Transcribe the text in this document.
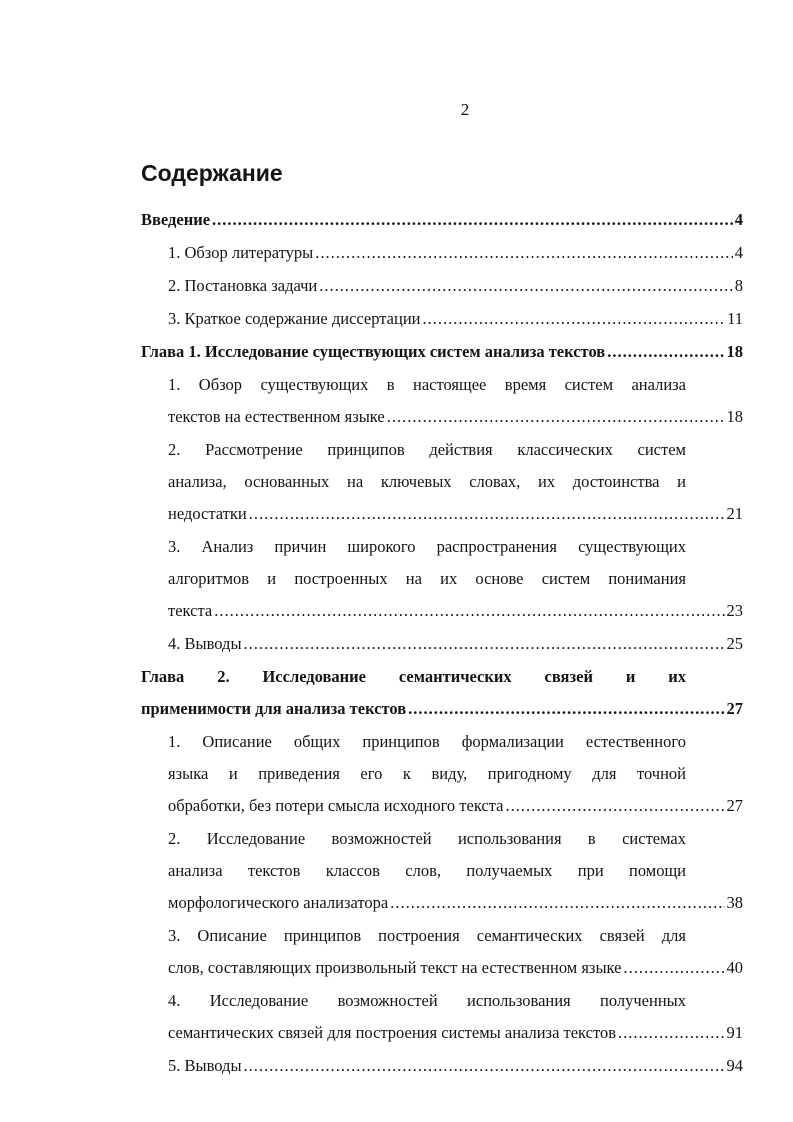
2
Содержание
Введение .....	4
1. Обзор литературы .....	4
2. Постановка задачи .....	8
3. Краткое содержание диссертации .....	11
Глава 1. Исследование существующих систем анализа текстов .....	18
1. Обзор существующих в настоящее время систем анализа
текстов на естественном языке .....	18
2. Рассмотрение принципов действия классических систем
анализа, основанных на ключевых словах, их достоинства и
недостатки .....	21
3. Анализ причин широкого распространения существующих
алгоритмов и построенных на их основе систем понимания
текста .....	23
4. Выводы .....	25
Глава 2. Исследование семантических связей и их
применимости для анализа текстов .....	27
1. Описание общих принципов формализации естественного
языка и приведения его к виду, пригодному для точной
обработки, без потери смысла исходного текста .....	27
2. Исследование возможностей использования в системах
анализа текстов классов слов, получаемых при помощи
морфологического анализатора .....	38
3. Описание принципов построения семантических связей для
слов, составляющих произвольный текст на естественном языке .....	40
4. Исследование возможностей использования полученных
семантических связей для построения системы анализа текстов .....	91
5. Выводы .....	94
